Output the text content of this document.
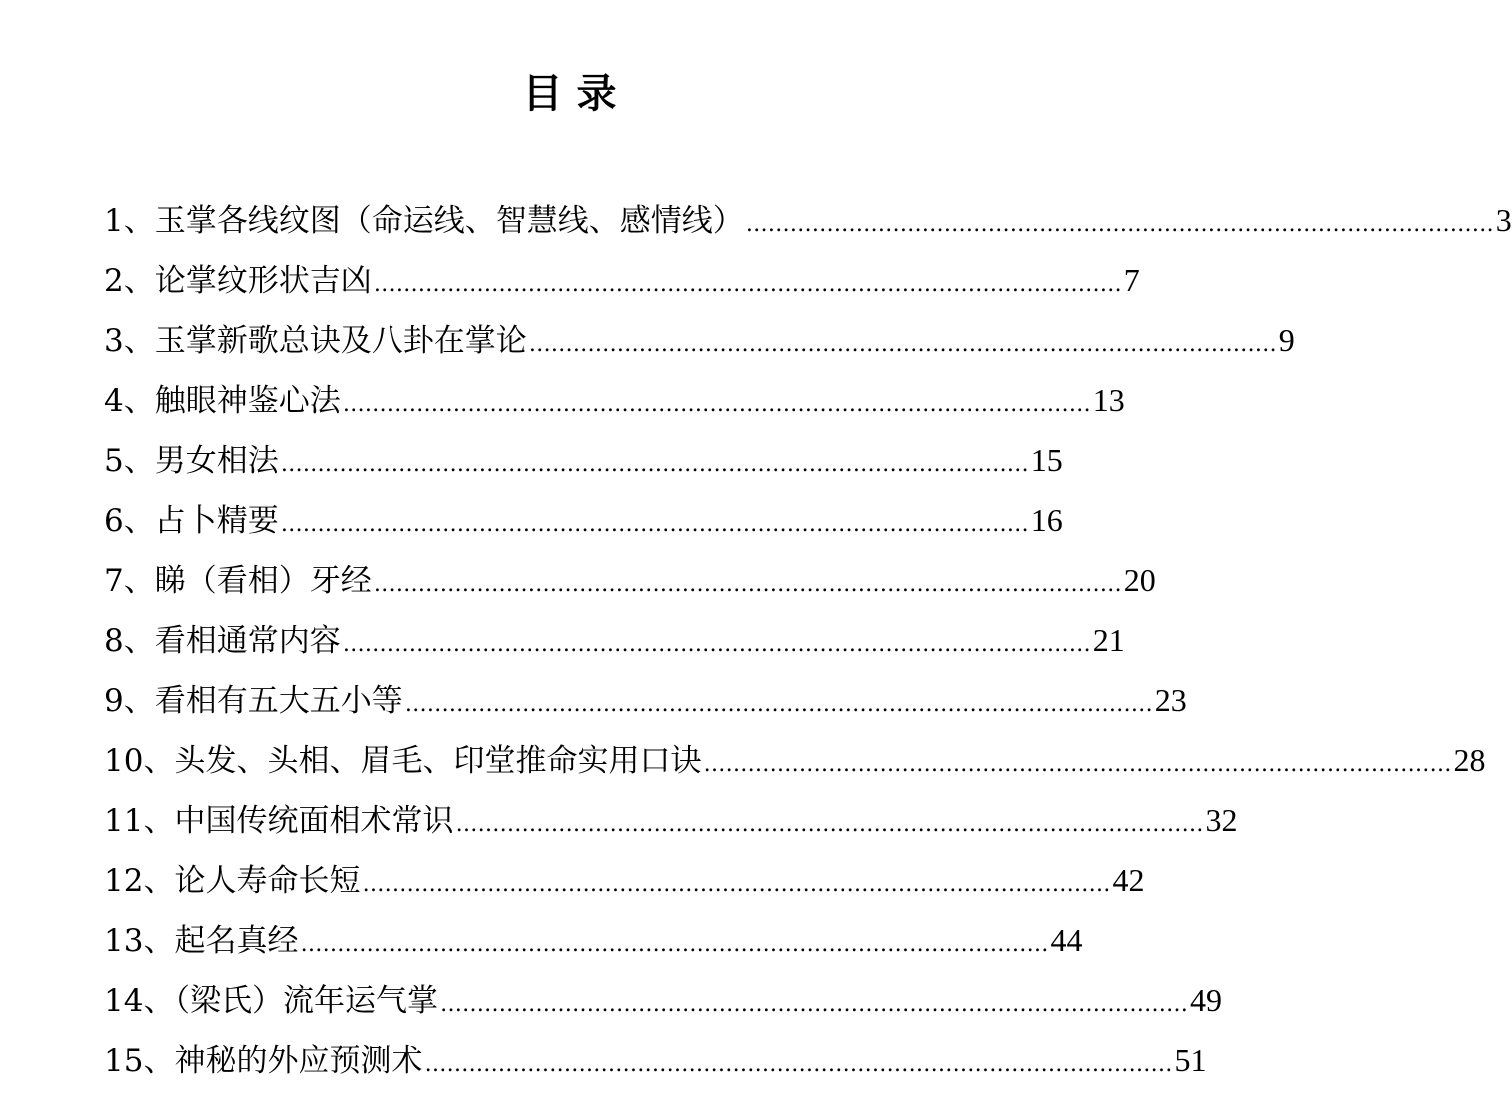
目录
1、玉掌各线纹图（命运线、智慧线、感情线） ………………………………………………………………………………………… 3
2、论掌纹形状吉凶 ………………………………………………………………………………………… 7
3、玉掌新歌总诀及八卦在掌论 ………………………………………………………………………………………… 9
4、触眼神鉴心法 ………………………………………………………………………………………… 13
5、男女相法 ………………………………………………………………………………………… 15
6、占卜精要 ………………………………………………………………………………………… 16
7、睇（看相）牙经 ………………………………………………………………………………………… 20
8、看相通常内容 ………………………………………………………………………………………… 21
9、看相有五大五小等 ………………………………………………………………………………………… 23
10、头发、头相、眉毛、印堂推命实用口诀 ………………………………………………………………………………………… 28
11、中国传统面相术常识 ………………………………………………………………………………………… 32
12、论人寿命长短 ………………………………………………………………………………………… 42
13、起名真经 ………………………………………………………………………………………… 44
14、（梁氏）流年运气掌 ………………………………………………………………………………………… 49
15、神秘的外应预测术 ………………………………………………………………………………………… 51
